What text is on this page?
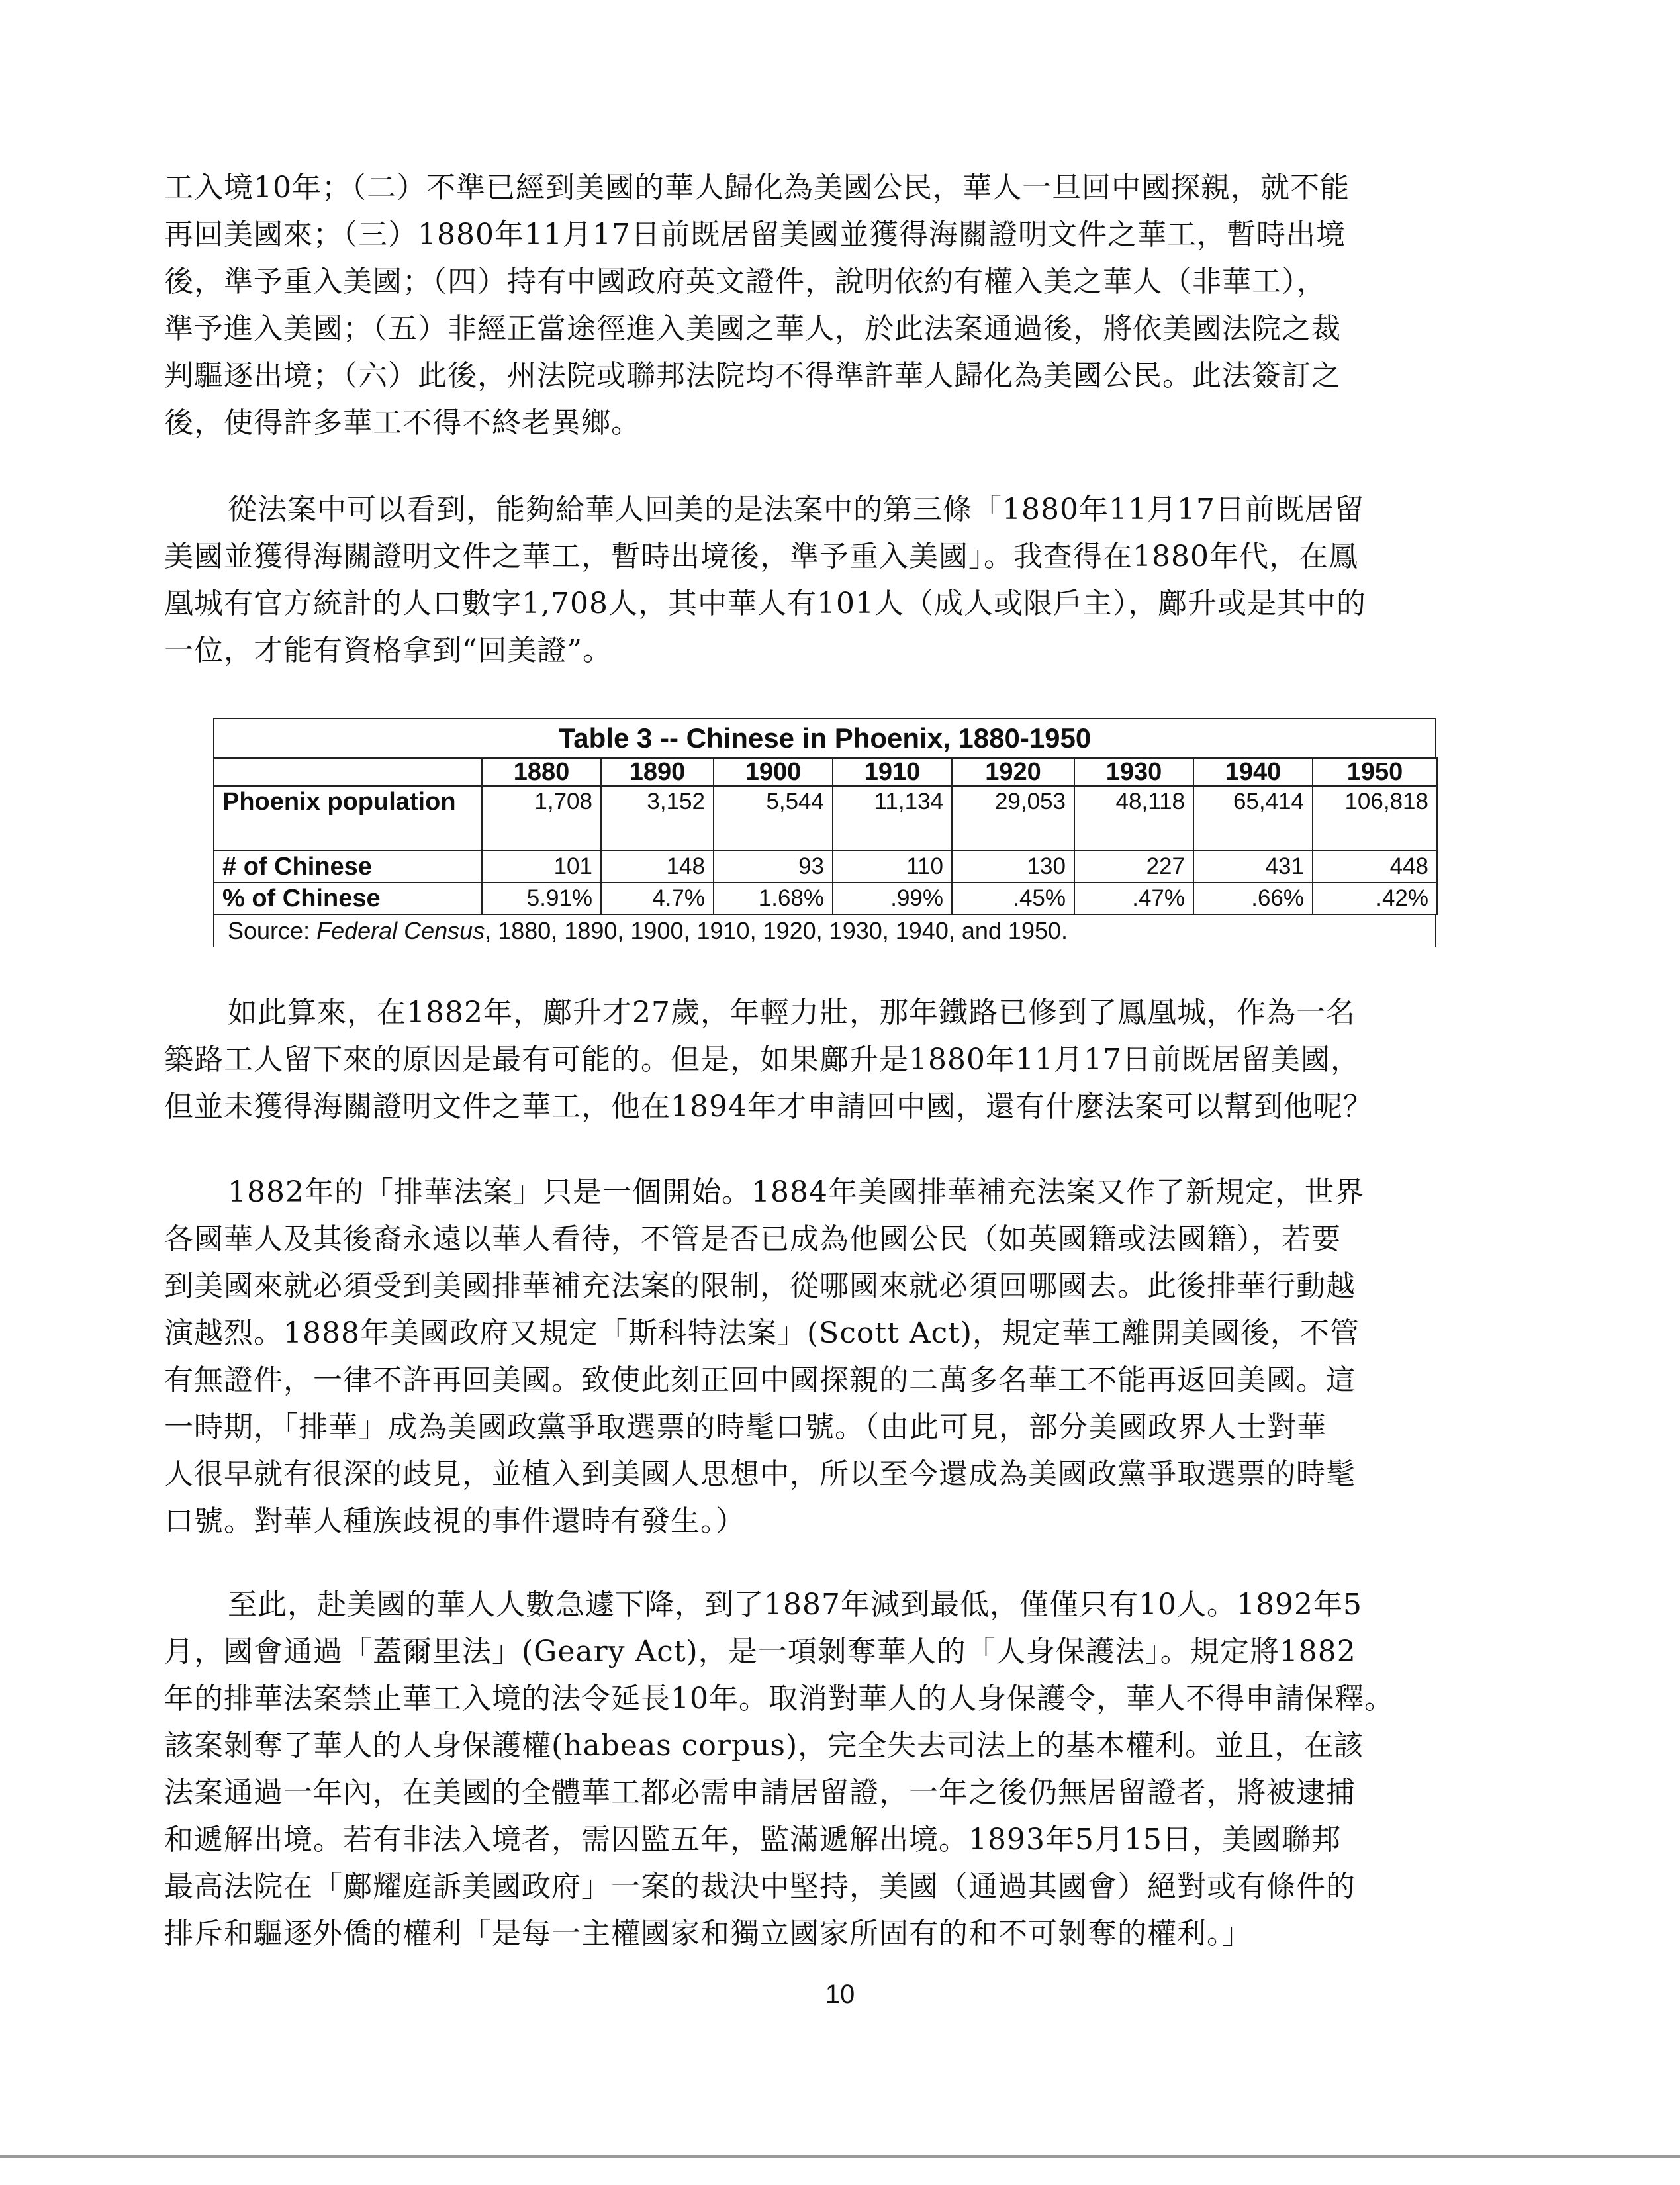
工入境10年；（二）不準已經到美國的華人歸化為美國公民，華人一旦回中國探親，就不能
再回美國來；（三）1880年11月17日前既居留美國並獲得海關證明文件之華工，暫時出境
後，準予重入美國；（四）持有中國政府英文證件，說明依約有權入美之華人（非華工），
準予進入美國；（五）非經正當途徑進入美國之華人，於此法案通過後，將依美國法院之裁
判驅逐出境；（六）此後，州法院或聯邦法院均不得準許華人歸化為美國公民。此法簽訂之
後，使得許多華工不得不終老異鄉。
從法案中可以看到，能夠給華人回美的是法案中的第三條「1880年11月17日前既居留
美國並獲得海關證明文件之華工，暫時出境後，準予重入美國」。我查得在1880年代，在鳳
凰城有官方統計的人口數字1,708人，其中華人有101人（成人或限戶主），鄺升或是其中的
一位，才能有資格拿到“回美證”。
Table 3 -- Chinese in Phoenix, 1880-1950
	1880	1890	1900	1910	1920	1930	1940	1950
Phoenix population	1,708	3,152	5,544	11,134	29,053	48,118	65,414	106,818
# of Chinese	101	148	93	110	130	227	431	448
% of Chinese	5.91%	4.7%	1.68%	.99%	.45%	.47%	.66%	.42%
Source: Federal Census, 1880, 1890, 1900, 1910, 1920, 1930, 1940, and 1950.
如此算來，在1882年，鄺升才27歲，年輕力壯，那年鐵路已修到了鳳凰城，作為一名
築路工人留下來的原因是最有可能的。但是，如果鄺升是1880年11月17日前既居留美國，
但並未獲得海關證明文件之華工，他在1894年才申請回中國，還有什麼法案可以幫到他呢？
1882年的「排華法案」只是一個開始。1884年美國排華補充法案又作了新規定，世界
各國華人及其後裔永遠以華人看待，不管是否已成為他國公民（如英國籍或法國籍），若要
到美國來就必須受到美國排華補充法案的限制，從哪國來就必須回哪國去。此後排華行動越
演越烈。1888年美國政府又規定「斯科特法案」(Scott Act)，規定華工離開美國後，不管
有無證件，一律不許再回美國。致使此刻正回中國探親的二萬多名華工不能再返回美國。這
一時期，「排華」成為美國政黨爭取選票的時髦口號。（由此可見，部分美國政界人士對華
人很早就有很深的歧見，並植入到美國人思想中，所以至今還成為美國政黨爭取選票的時髦
口號。對華人種族歧視的事件還時有發生。）
至此，赴美國的華人人數急遽下降，到了1887年減到最低，僅僅只有10人。1892年5
月，國會通過「蓋爾里法」(Geary Act)，是一項剝奪華人的「人身保護法」。規定將1882
年的排華法案禁止華工入境的法令延長10年。取消對華人的人身保護令，華人不得申請保釋。
該案剝奪了華人的人身保護權(habeas corpus)，完全失去司法上的基本權利。並且，在該
法案通過一年內，在美國的全體華工都必需申請居留證，一年之後仍無居留證者，將被逮捕
和遞解出境。若有非法入境者，需囚監五年，監滿遞解出境。1893年5月15日，美國聯邦
最高法院在「鄺耀庭訴美國政府」一案的裁決中堅持，美國（通過其國會）絕對或有條件的
排斥和驅逐外僑的權利「是每一主權國家和獨立國家所固有的和不可剝奪的權利。」
10
